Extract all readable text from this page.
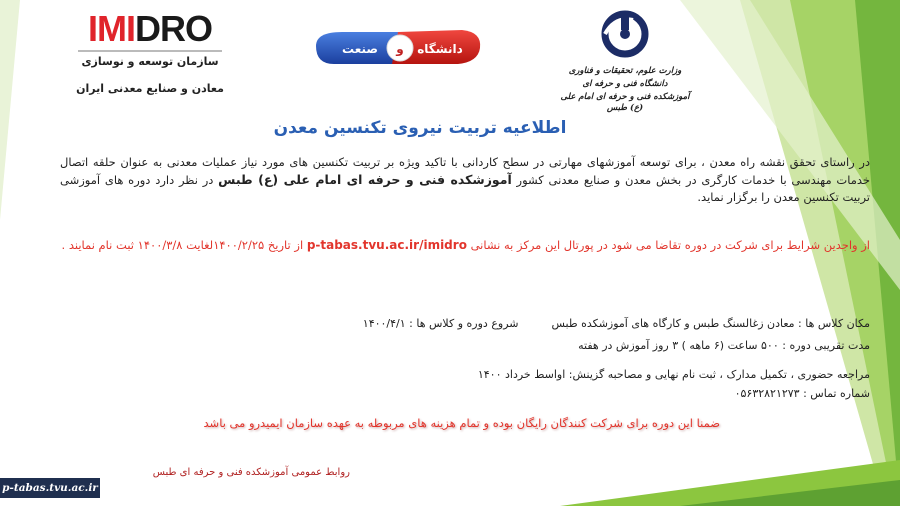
IMIDRO
سازمان توسعه و نوسازی
معادن و صنایع معدنی ایران
صنعت و دانشگاه
وزارت علوم، تحقیقات و فناوری
دانشگاه فنی و حرفه ای
آموزشکده فنی و حرفه ای امام علی (ع) طبس
اطلاعیه تربیت نیروی تکنسین معدن
در راستای تحقق نقشه راه معدن ، برای توسعه آموزشهای مهارتی در سطح کاردانی با تاکید ویژه بر تربیت تکنسین های مورد نیاز عملیات معدنی به عنوان حلقه اتصال خدمات مهندسی با خدمات کارگری در بخش معدن و صنایع معدنی کشور آموزشکده فنی و حرفه ای امام علی (ع) طبس در نظر دارد دوره های آموزشی تربیت تکنسین معدن را برگزار نماید.
از واجدین شرایط برای شرکت در دوره تقاضا می شود در پورتال این مرکز به نشانی p-tabas.tvu.ac.ir/imidro از تاریخ ۱۴۰۰/۲/۲۵لغایت ۱۴۰۰/۳/۸ ثبت نام نمایند .
مکان کلاس ها : معادن زغالسنگ طبس و کارگاه های آموزشکده طبس  شروع دوره و کلاس ها : ۱۴۰۰/۴/۱
مدت تقریبی دوره : ۵۰۰ ساعت (۶ ماهه ) ۳ روز آموزش در هفته
مراجعه حضوری ، تکمیل مدارک ، ثبت نام نهایی و مصاحبه گزینش: اواسط خرداد ۱۴۰۰
شماره تماس : ۰۵۶۳۲۸۲۱۲۷۳
ضمنا این دوره برای شرکت کنندگان رایگان بوده و تمام هزینه های مربوطه به عهده سازمان ایمیدرو می باشد
روابط عمومی آموزشکده فنی و حرفه ای طبس
p-tabas.tvu.ac.ir
